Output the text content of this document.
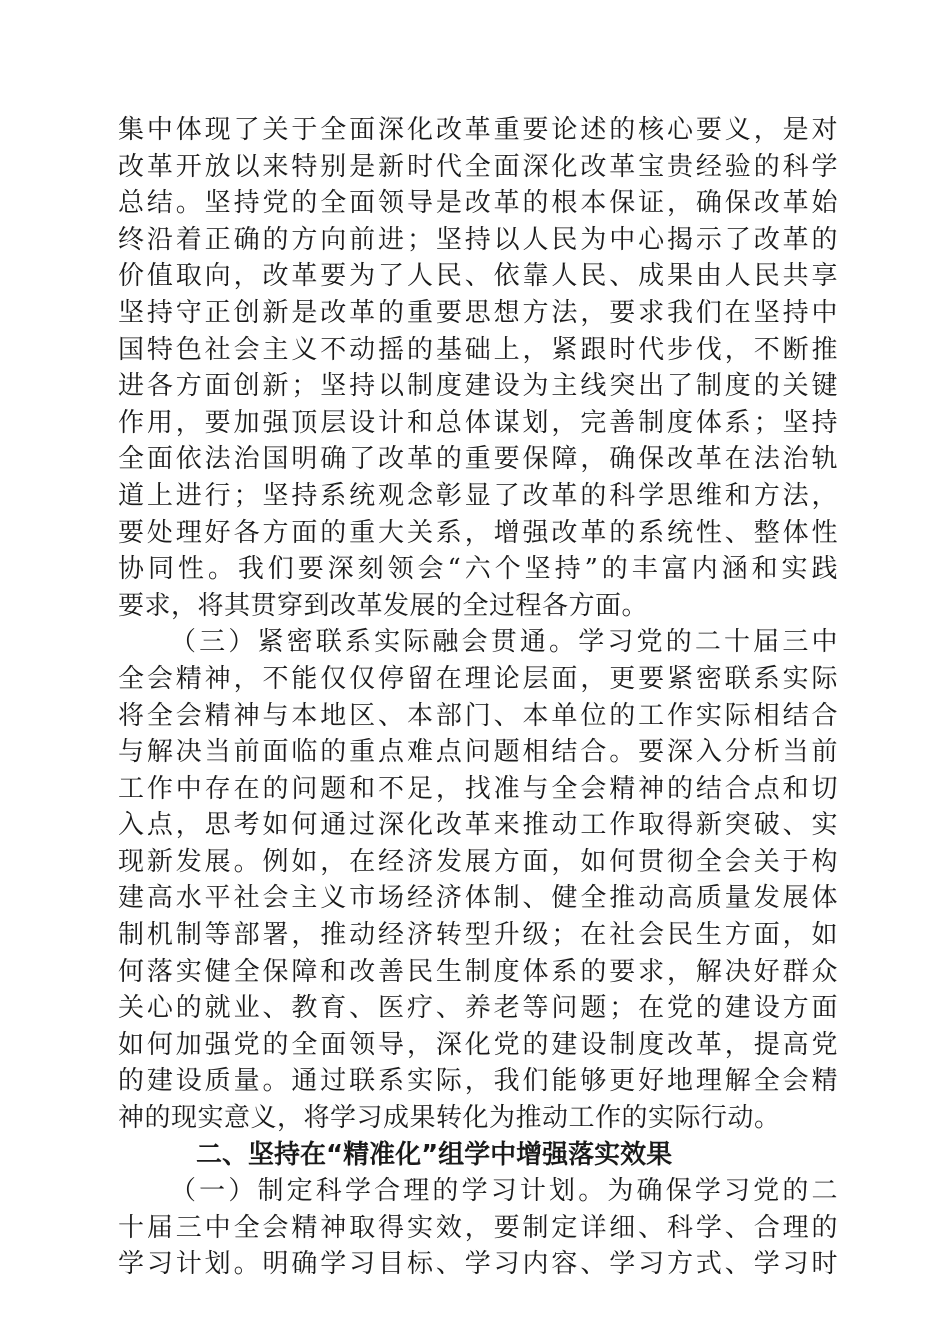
集中体现了关于全面深化改革重要论述的核心要义，是对
改革开放以来特别是新时代全面深化改革宝贵经验的科学
总结。坚持党的全面领导是改革的根本保证，确保改革始
终沿着正确的方向前进；坚持以人民为中心揭示了改革的
价值取向，改革要为了人民、依靠人民、成果由人民共享
坚持守正创新是改革的重要思想方法，要求我们在坚持中
国特色社会主义不动摇的基础上，紧跟时代步伐，不断推
进各方面创新；坚持以制度建设为主线突出了制度的关键
作用，要加强顶层设计和总体谋划，完善制度体系；坚持
全面依法治国明确了改革的重要保障，确保改革在法治轨
道上进行；坚持系统观念彰显了改革的科学思维和方法，
要处理好各方面的重大关系，增强改革的系统性、整体性
协同性。我们要深刻领会“六个坚持”的丰富内涵和实践
要求，将其贯穿到改革发展的全过程各方面。
（三）紧密联系实际融会贯通。学习党的二十届三中
全会精神，不能仅仅停留在理论层面，更要紧密联系实际
将全会精神与本地区、本部门、本单位的工作实际相结合
与解决当前面临的重点难点问题相结合。要深入分析当前
工作中存在的问题和不足，找准与全会精神的结合点和切
入点，思考如何通过深化改革来推动工作取得新突破、实
现新发展。例如，在经济发展方面，如何贯彻全会关于构
建高水平社会主义市场经济体制、健全推动高质量发展体
制机制等部署，推动经济转型升级；在社会民生方面，如
何落实健全保障和改善民生制度体系的要求，解决好群众
关心的就业、教育、医疗、养老等问题；在党的建设方面
如何加强党的全面领导，深化党的建设制度改革，提高党
的建设质量。通过联系实际，我们能够更好地理解全会精
神的现实意义，将学习成果转化为推动工作的实际行动。
二、坚持在“精准化”组学中增强落实效果
（一）制定科学合理的学习计划。为确保学习党的二
十届三中全会精神取得实效，要制定详细、科学、合理的
学习计划。明确学习目标、学习内容、学习方式、学习时
